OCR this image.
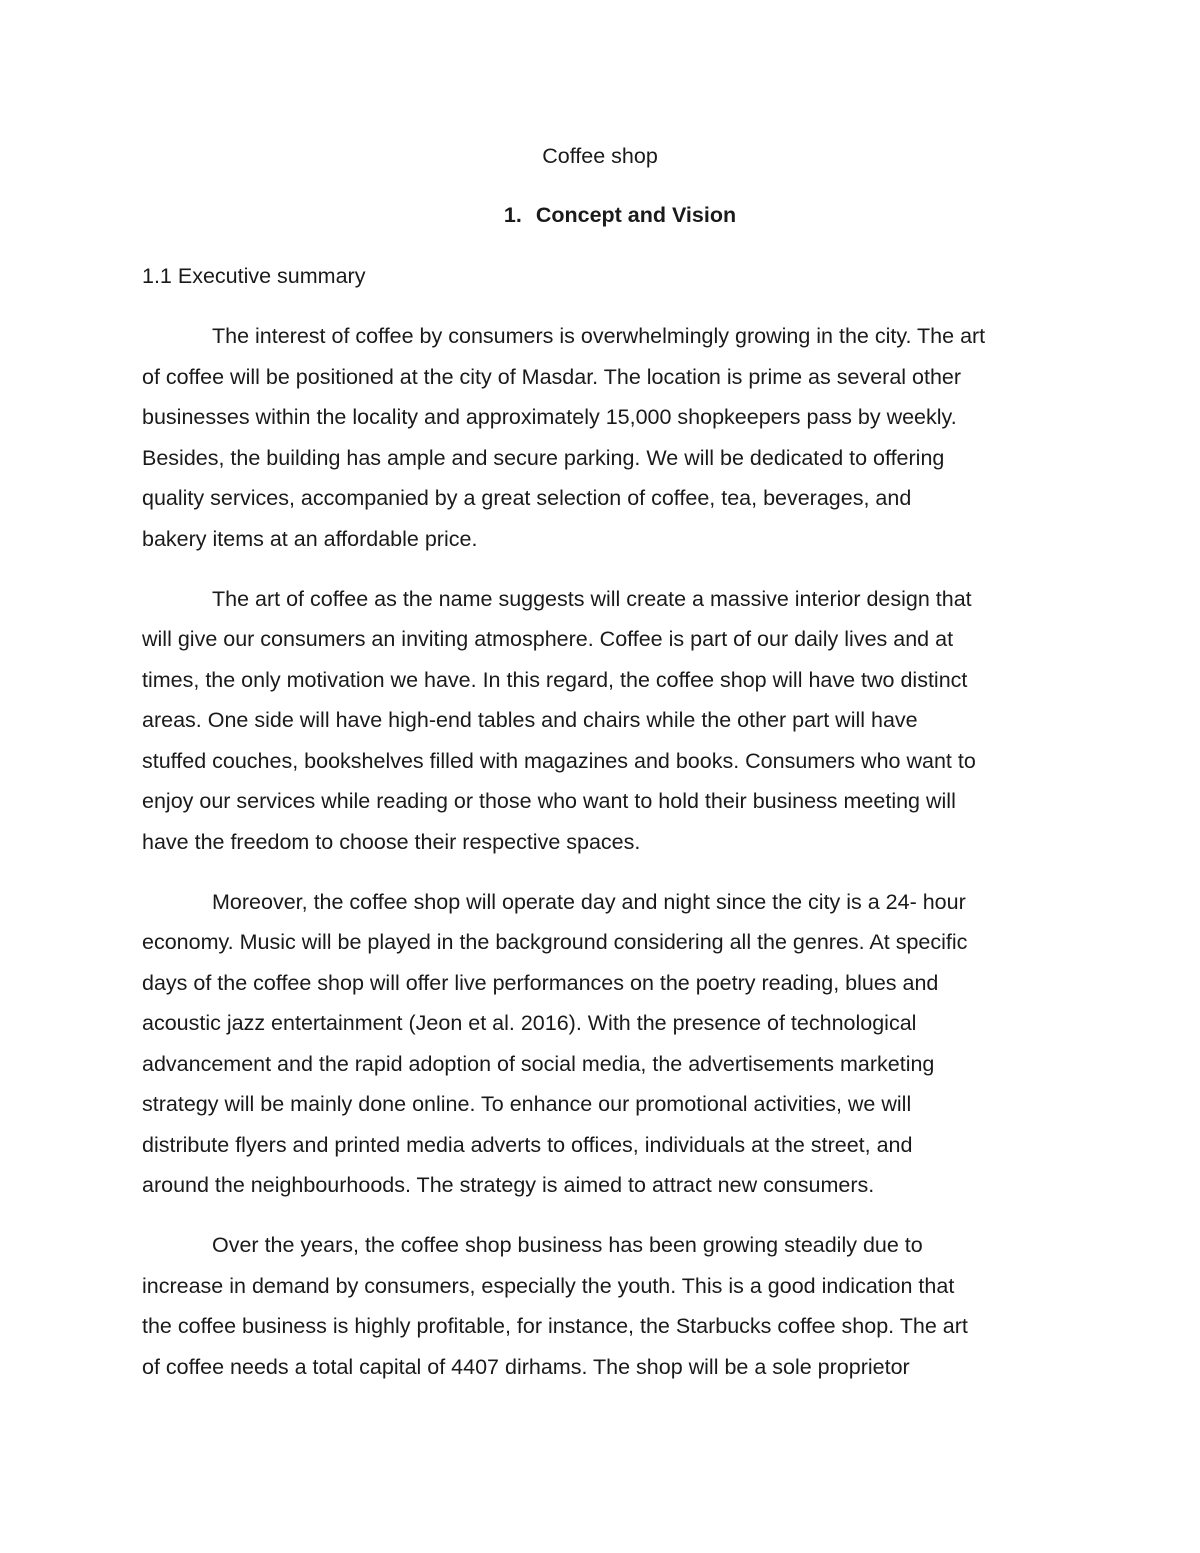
Coffee shop
1. Concept and Vision
1.1 Executive summary
The interest of coffee by consumers is overwhelmingly growing in the city. The art
of coffee will be positioned at the city of Masdar. The location is prime as several other
businesses within the locality and approximately 15,000 shopkeepers pass by weekly.
Besides, the building has ample and secure parking. We will be dedicated to offering
quality services, accompanied by a great selection of coffee, tea, beverages, and
bakery items at an affordable price.
The art of coffee as the name suggests will create a massive interior design that
will give our consumers an inviting atmosphere. Coffee is part of our daily lives and at
times, the only motivation we have. In this regard, the coffee shop will have two distinct
areas. One side will have high-end tables and chairs while the other part will have
stuffed couches, bookshelves filled with magazines and books. Consumers who want to
enjoy our services while reading or those who want to hold their business meeting will
have the freedom to choose their respective spaces.
Moreover, the coffee shop will operate day and night since the city is a 24- hour
economy. Music will be played in the background considering all the genres. At specific
days of the coffee shop will offer live performances on the poetry reading, blues and
acoustic jazz entertainment (Jeon et al. 2016). With the presence of technological
advancement and the rapid adoption of social media, the advertisements marketing
strategy will be mainly done online. To enhance our promotional activities, we will
distribute flyers and printed media adverts to offices, individuals at the street, and
around the neighbourhoods. The strategy is aimed to attract new consumers.
Over the years, the coffee shop business has been growing steadily due to
increase in demand by consumers, especially the youth. This is a good indication that
the coffee business is highly profitable, for instance, the Starbucks coffee shop. The art
of coffee needs a total capital of 4407 dirhams. The shop will be a sole proprietor
